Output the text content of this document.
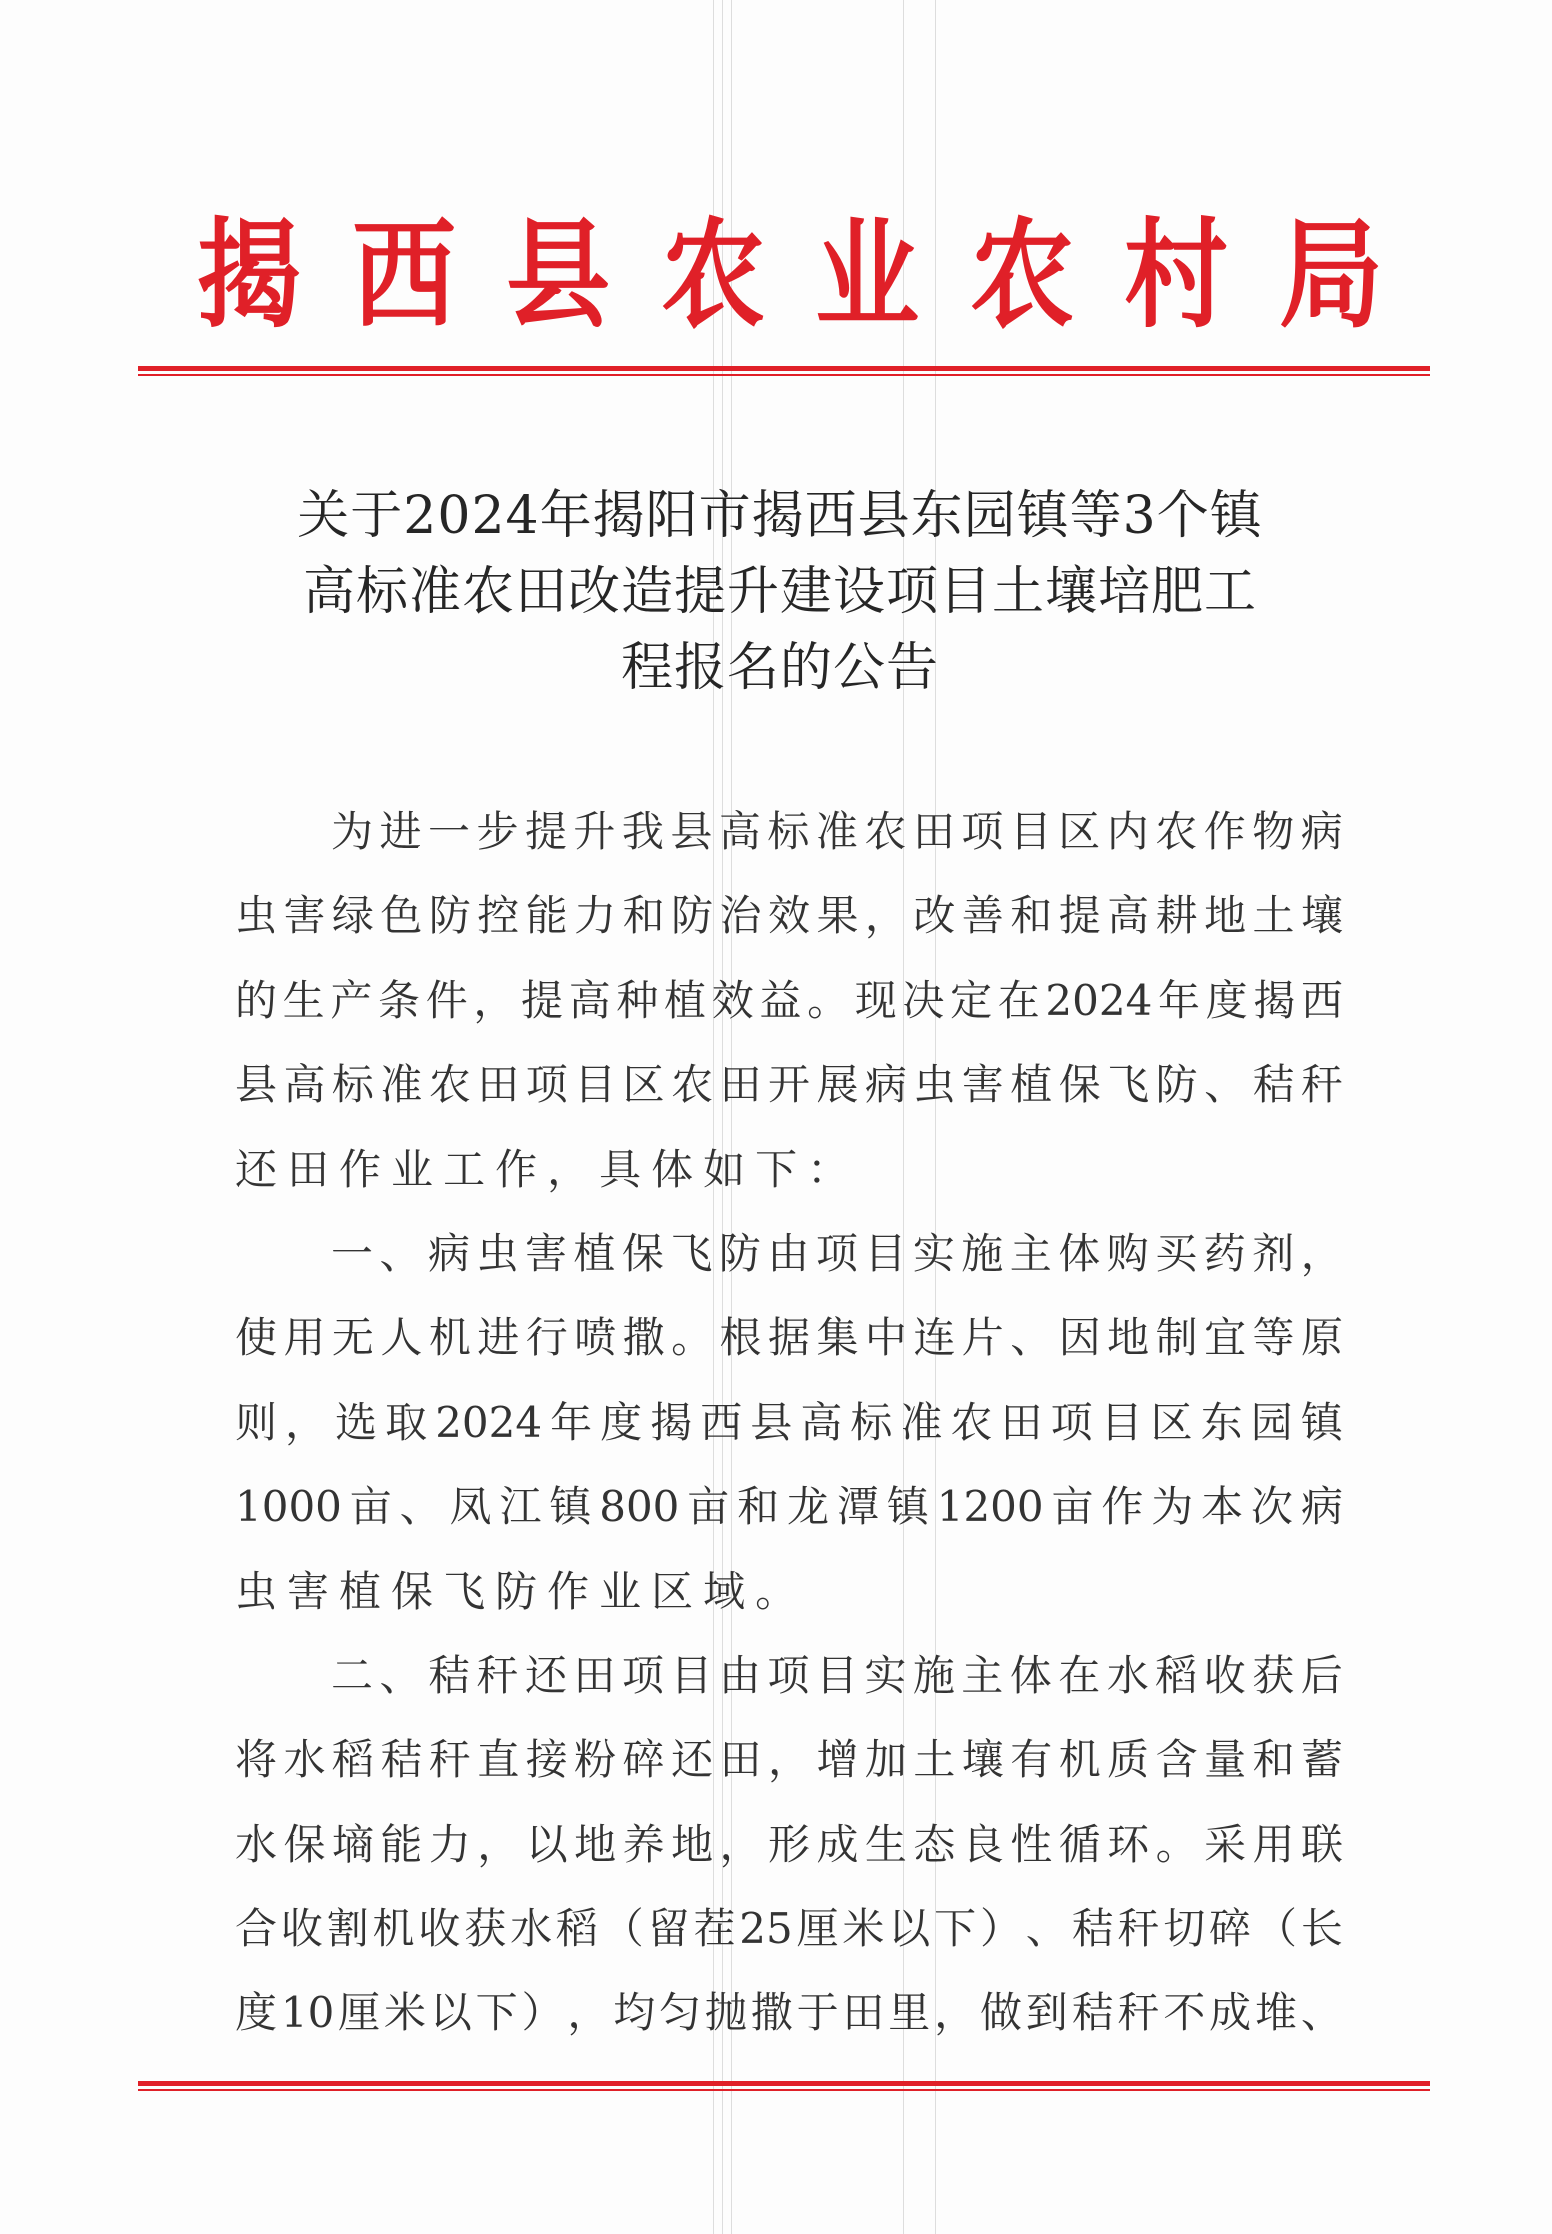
揭 西 县 农 业 农 村 局
关于2024年揭阳市揭西县东园镇等3个镇
高标准农田改造提升建设项目土壤培肥工
程报名的公告
为 进 一 步 提 升 我 县 高 标 准 农 田 项 目 区 内 农 作 物 病
虫 害 绿 色 防 控 能 力 和 防 治 效 果 ， 改 善 和 提 高 耕 地 土 壤
的 生 产 条 件 ， 提 高 种 植 效 益 。 现 决 定 在 2024 年 度 揭 西
县 高 标 准 农 田 项 目 区 农 田 开 展 病 虫 害 植 保 飞 防 、 秸 秆
还 田 作 业 工 作 ， 具 体 如 下 ：
一 、 病 虫 害 植 保 飞 防 由 项 目 实 施 主 体 购 买 药 剂 ，
使 用 无 人 机 进 行 喷 撒 。 根 据 集 中 连 片 、 因 地 制 宜 等 原
则 ， 选 取 2024 年 度 揭 西 县 高 标 准 农 田 项 目 区 东 园 镇
1000 亩 、 凤 江 镇 800 亩 和 龙 潭 镇 1200 亩 作 为 本 次 病
虫 害 植 保 飞 防 作 业 区 域 。
二 、 秸 秆 还 田 项 目 由 项 目 实 施 主 体 在 水 稻 收 获 后
将 水 稻 秸 秆 直 接 粉 碎 还 田 ， 增 加 土 壤 有 机 质 含 量 和 蓄
水 保 墒 能 力 ， 以 地 养 地 ， 形 成 生 态 良 性 循 环 。 采 用 联
合 收 割 机 收 获 水 稻 （ 留 茬 25 厘 米 以 下 ） 、 秸 秆 切 碎 （ 长
度 10 厘 米 以 下 ） ， 均 匀 抛 撒 于 田 里 ， 做 到 秸 秆 不 成 堆 、
